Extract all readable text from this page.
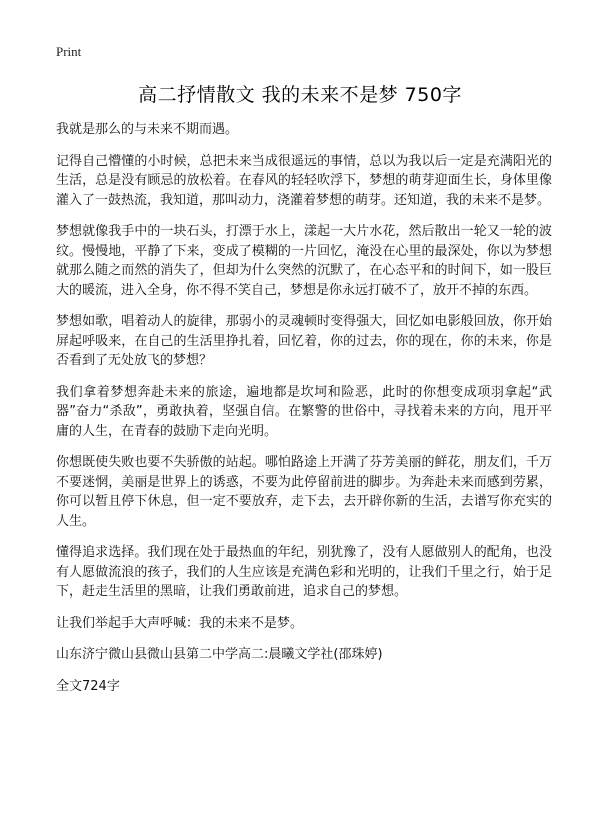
Print
高二抒情散文 我的未来不是梦 750字

我就是那么的与未来不期而遇。

记得自己懵懂的小时候，总把未来当成很遥远的事情，总以为我以后一定是充满阳光的生活，总是没有顾忌的放松着。在春风的轻轻吹浮下，梦想的萌芽迎面生长，身体里像灌入了一鼓热流，我知道，那叫动力，浇灌着梦想的萌芽。还知道，我的未来不是梦。

梦想就像我手中的一块石头，打漂于水上，漾起一大片水花，然后散出一轮又一轮的波纹。慢慢地，平静了下来，变成了模糊的一片回忆，淹没在心里的最深处，你以为梦想就那么随之而然的消失了，但却为什么突然的沉默了，在心态平和的时间下，如一股巨大的暖流，进入全身，你不得不笑自己，梦想是你永远打破不了，放开不掉的东西。

梦想如歌，唱着动人的旋律，那弱小的灵魂顿时变得强大，回忆如电影般回放，你开始屏起呼吸来，在自己的生活里挣扎着，回忆着，你的过去，你的现在，你的未来，你是否看到了无处放飞的梦想？

我们拿着梦想奔赴未来的旅途，遍地都是坎坷和险恶，此时的你想变成项羽拿起“武器”奋力“杀敌”，勇敢执着，坚强自信。在繁警的世俗中，寻找着未来的方向，甩开平庸的人生，在青春的鼓励下走向光明。

你想既使失败也要不失骄傲的站起。哪怕路途上开满了芬芳美丽的鲜花，朋友们，千万不要迷惘，美丽是世界上的诱惑，不要为此停留前进的脚步。为奔赴未来而感到劳累，你可以暂且停下休息，但一定不要放弃，走下去，去开辟你新的生活，去谱写你充实的人生。

懂得追求选择。我们现在处于最热血的年纪，别犹豫了，没有人愿做别人的配角，也没有人愿做流浪的孩子，我们的人生应该是充满色彩和光明的，让我们千里之行，始于足下，赶走生活里的黑暗，让我们勇敢前进，追求自己的梦想。

让我们举起手大声呼喊：我的未来不是梦。

山东济宁微山县微山县第二中学高二:晨曦文学社(邵珠婷)

全文724字
